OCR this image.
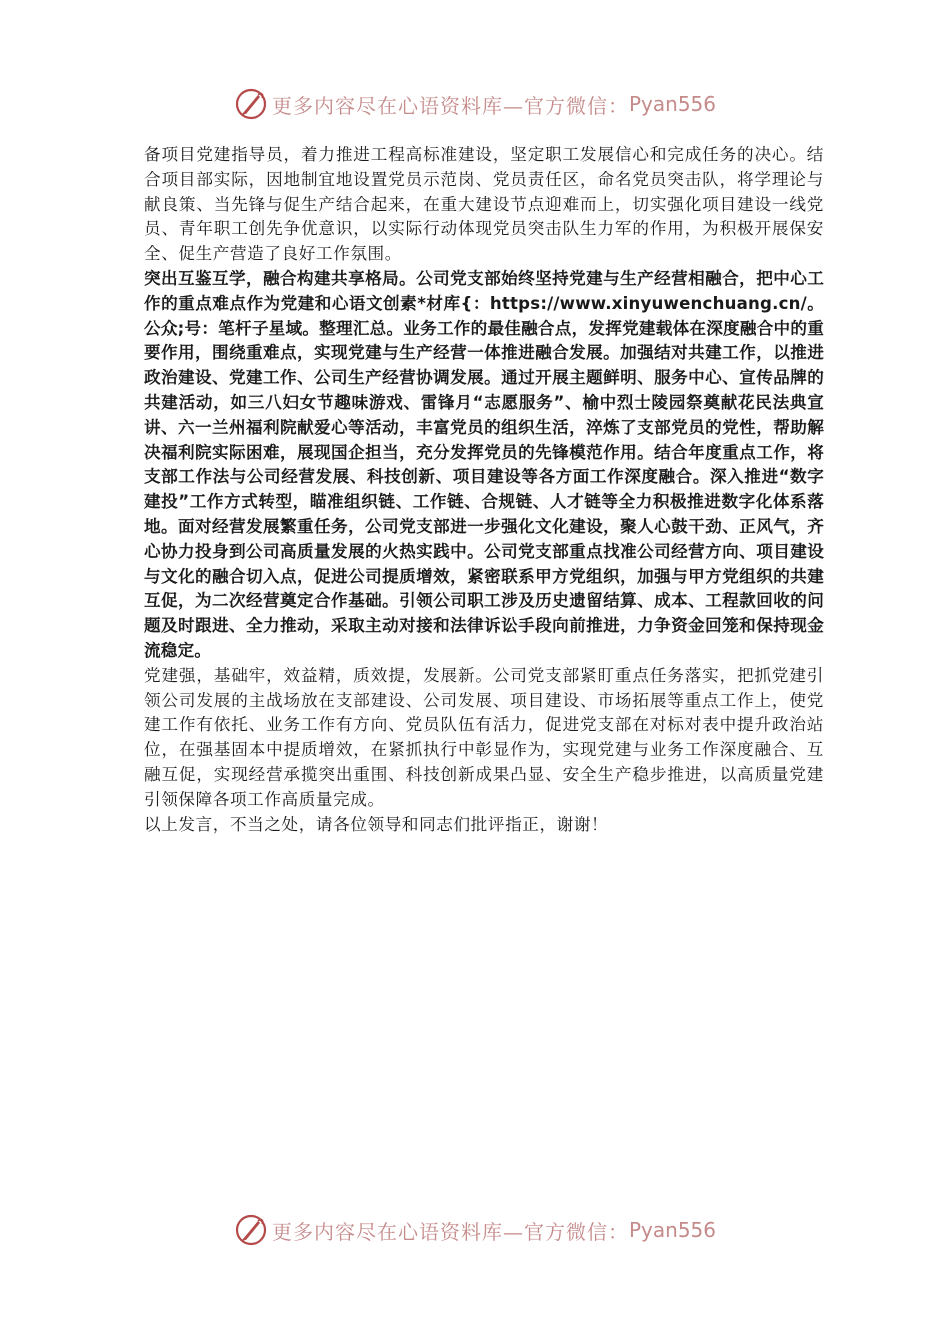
更多内容尽在心语资料库—官方微信： Pyan556

备项目党建指导员，着力推进工程高标准建设，坚定职工发展信心和完成任务的决心。结合项目部实际，因地制宜地设置党员示范岗、党员责任区，命名党员突击队，将学理论与献良策、当先锋与促生产结合起来，在重大建设节点迎难而上，切实强化项目建设一线党员、青年职工创先争优意识，以实际行动体现党员突击队生力军的作用，为积极开展保安全、促生产营造了良好工作氛围。

突出互鉴互学，融合构建共享格局。公司党支部始终坚持党建与生产经营相融合，把中心工作的重点难点作为党建和心语文创素*材库{：https://www.xinyuwenchuang.cn/。公众;号：笔杆子星域。整理汇总。业务工作的最佳融合点，发挥党建载体在深度融合中的重要作用，围绕重难点，实现党建与生产经营一体推进融合发展。加强结对共建工作，以推进政治建设、党建工作、公司生产经营协调发展。通过开展主题鲜明、服务中心、宣传品牌的共建活动，如三八妇女节趣味游戏、雷锋月“志愿服务”、榆中烈士陵园祭奠献花民法典宣讲、六一兰州福利院献爱心等活动，丰富党员的组织生活，淬炼了支部党员的党性，帮助解决福利院实际困难，展现国企担当，充分发挥党员的先锋模范作用。结合年度重点工作，将支部工作法与公司经营发展、科技创新、项目建设等各方面工作深度融合。深入推进“数字建投”工作方式转型，瞄准组织链、工作链、合规链、人才链等全力积极推进数字化体系落地。面对经营发展繁重任务，公司党支部进一步强化文化建设，聚人心鼓干劲、正风气，齐心协力投身到公司高质量发展的火热实践中。公司党支部重点找准公司经营方向、项目建设与文化的融合切入点，促进公司提质增效，紧密联系甲方党组织，加强与甲方党组织的共建互促，为二次经营奠定合作基础。引领公司职工涉及历史遗留结算、成本、工程款回收的问题及时跟进、全力推动，采取主动对接和法律诉讼手段向前推进，力争资金回笼和保持现金流稳定。

党建强，基础牢，效益精，质效提，发展新。公司党支部紧盯重点任务落实，把抓党建引领公司发展的主战场放在支部建设、公司发展、项目建设、市场拓展等重点工作上，使党建工作有依托、业务工作有方向、党员队伍有活力，促进党支部在对标对表中提升政治站位，在强基固本中提质增效，在紧抓执行中彰显作为，实现党建与业务工作深度融合、互融互促，实现经营承揽突出重围、科技创新成果凸显、安全生产稳步推进，以高质量党建引领保障各项工作高质量完成。

以上发言，不当之处，请各位领导和同志们批评指正，谢谢！

更多内容尽在心语资料库—官方微信： Pyan556
